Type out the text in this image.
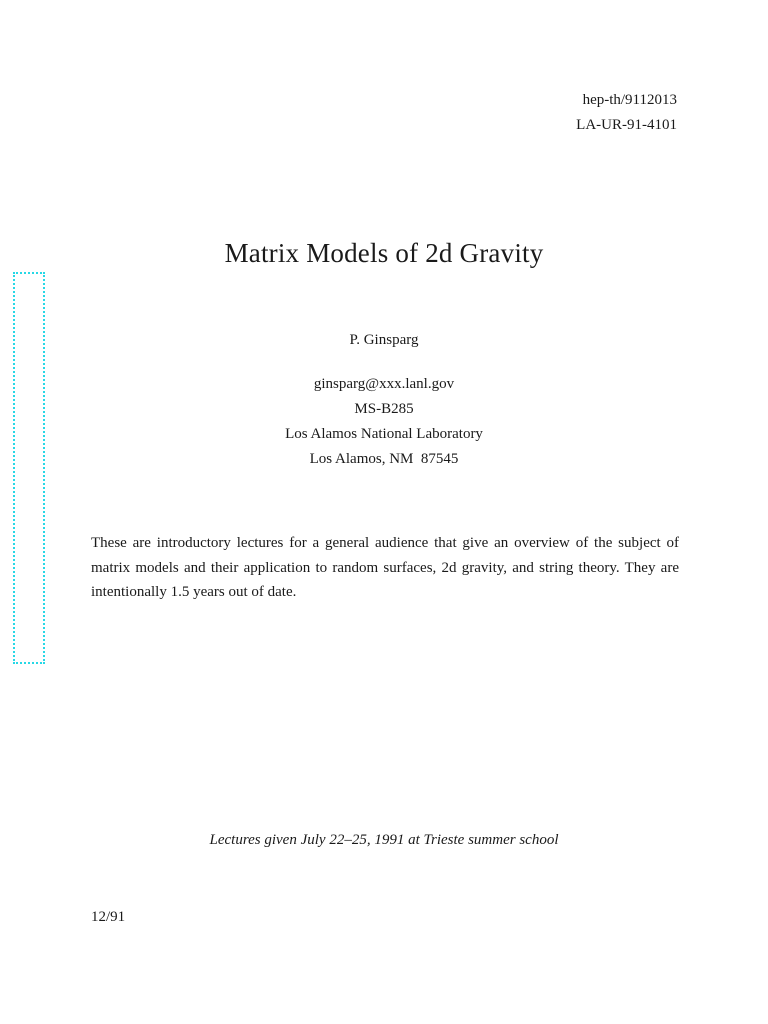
hep-th/9112013
LA-UR-91-4101
Matrix Models of 2d Gravity
P. Ginsparg
ginsparg@xxx.lanl.gov
MS-B285
Los Alamos National Laboratory
Los Alamos, NM  87545

These are introductory lectures for a general audience that give an overview of the subject of matrix models and their application to random surfaces, 2d gravity, and string theory. They are intentionally 1.5 years out of date.

Lectures given July 22–25, 1991 at Trieste summer school
12/91
